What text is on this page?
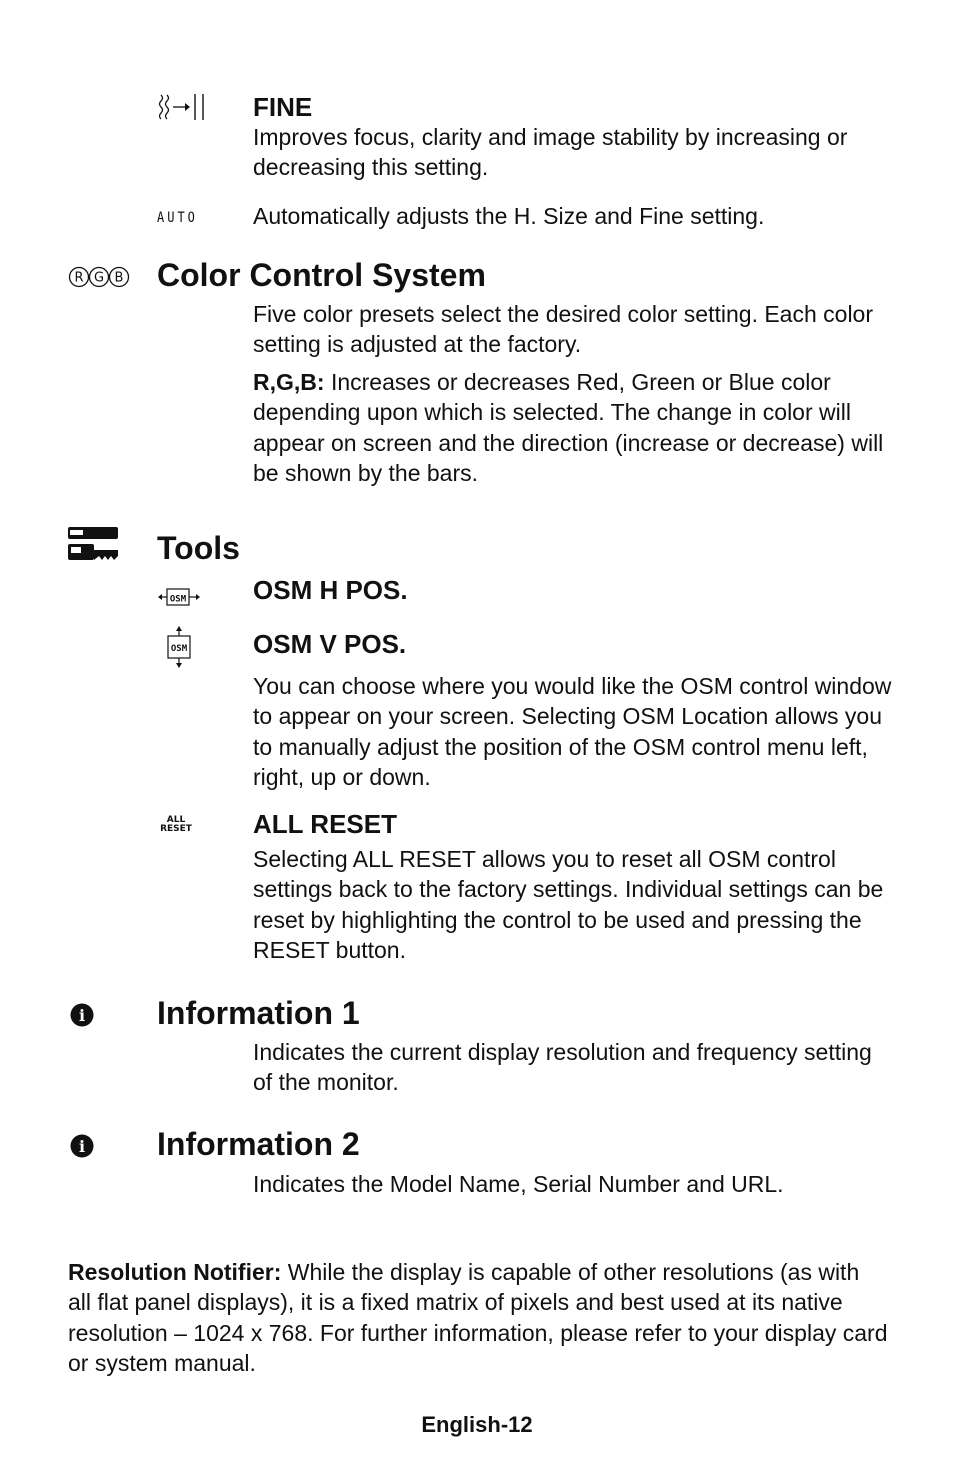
FINE
Improves focus, clarity and image stability by increasing or decreasing this setting.
AUTO Automatically adjusts the H. Size and Fine setting.
R G B Color Control System
Five color presets select the desired color setting. Each color setting is adjusted at the factory.
R,G,B: Increases or decreases Red, Green or Blue color depending upon which is selected. The change in color will appear on screen and the direction (increase or decrease) will be shown by the bars.
Tools
OSM	OSM H POS.
OSM	OSM V POS.
You can choose where you would like the OSM control window to appear on your screen. Selecting OSM Location allows you to manually adjust the position of the OSM control menu left, right, up or down.
ALL
RESET ALL RESET
Selecting ALL RESET allows you to reset all OSM control settings back to the factory settings. Individual settings can be reset by highlighting the control to be used and pressing the RESET button.
i Information 1
Indicates the current display resolution and frequency setting of the monitor.
i Information 2
Indicates the Model Name, Serial Number and URL.
Resolution Notifier: While the display is capable of other resolutions (as with all flat panel displays), it is a fixed matrix of pixels and best used at its native resolution – 1024 x 768. For further information, please refer to your display card or system manual.
English-12
